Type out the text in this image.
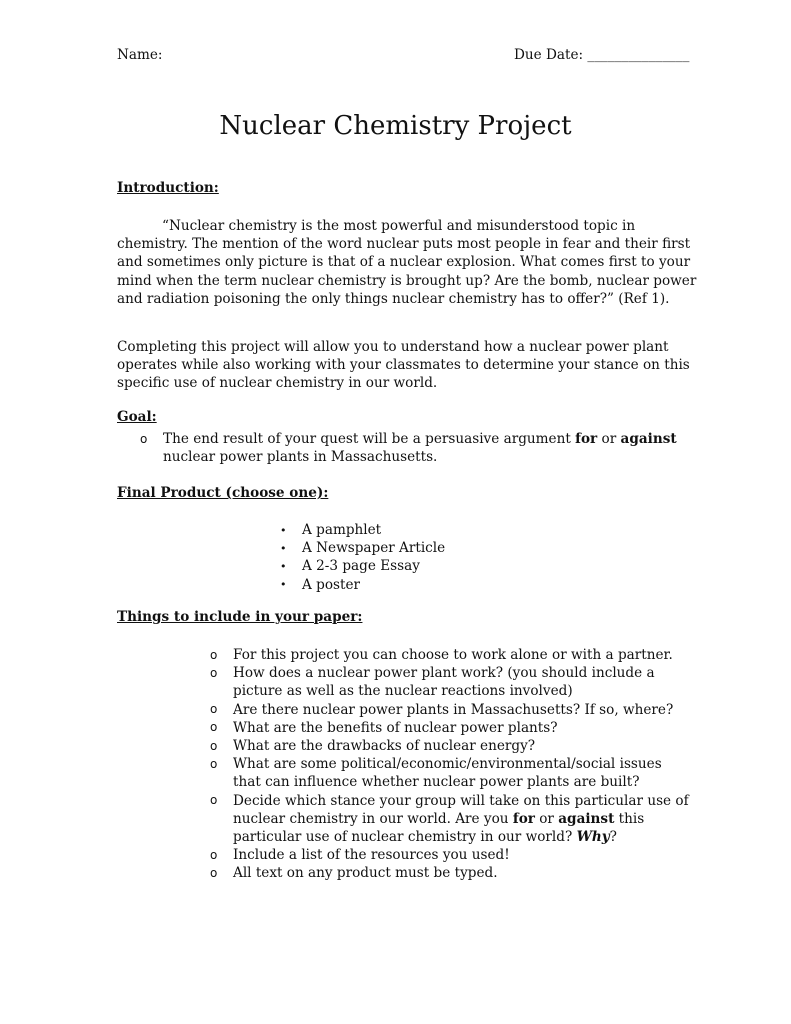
Name:	Due Date: _______________
Nuclear Chemistry Project
Introduction:
“Nuclear chemistry is the most powerful and misunderstood topic in
chemistry. The mention of the word nuclear puts most people in fear and their first
and sometimes only picture is that of a nuclear explosion. What comes first to your
mind when the term nuclear chemistry is brought up? Are the bomb, nuclear power
and radiation poisoning the only things nuclear chemistry has to offer?” (Ref 1).
Completing this project will allow you to understand how a nuclear power plant
operates while also working with your classmates to determine your stance on this
specific use of nuclear chemistry in our world.
Goal:
o The end result of your quest will be a persuasive argument for or against
nuclear power plants in Massachusetts.
Final Product (choose one):
•
•
•
•
A pamphlet
A Newspaper Article
A 2-3 page Essay
A poster
Things to include in your paper:
o
o
o
o
o
o
o
o
o
For this project you can choose to work alone or with a partner.
How does a nuclear power plant work? (you should include a
picture as well as the nuclear reactions involved)
Are there nuclear power plants in Massachusetts? If so, where?
What are the benefits of nuclear power plants?
What are the drawbacks of nuclear energy?
What are some political/economic/environmental/social issues
that can influence whether nuclear power plants are built?
Decide which stance your group will take on this particular use of
nuclear chemistry in our world. Are you for or against this
particular use of nuclear chemistry in our world? Why?
Include a list of the resources you used!
All text on any product must be typed.
